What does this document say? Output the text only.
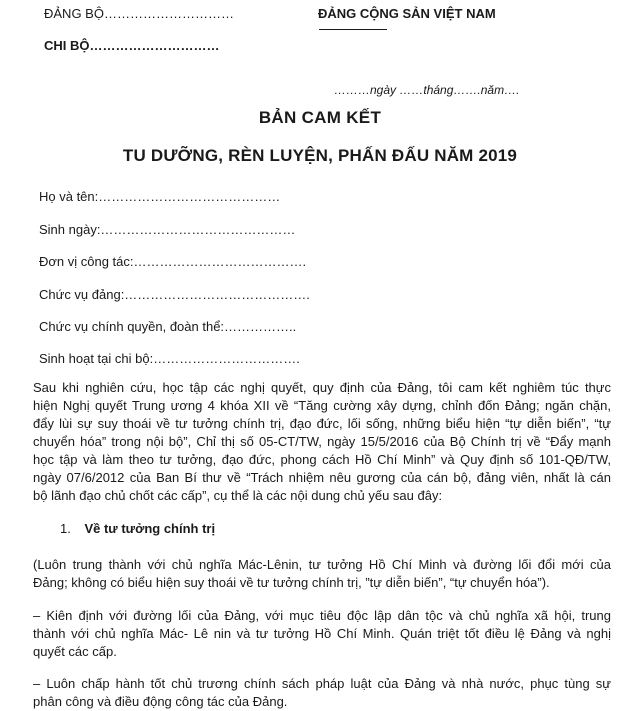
ĐẢNG BỘ…………………………	ĐẢNG CỘNG SẢN VIỆT NAM
CHI BỘ…………………………
………ngày ……tháng…….năm….
BẢN CAM KẾT
TU DƯỠNG, RÈN LUYỆN, PHẤN ĐẤU NĂM 2019
Họ và tên:……………………………………
Sinh ngày:………………………………………
Đơn vị công tác:………………………………….
Chức vụ đảng:…………………………………….
Chức vụ chính quyền, đoàn thể:……………..
Sinh hoạt tại chi bộ:…………………………….
Sau khi nghiên cứu, học tập các nghị quyết, quy định của Đảng, tôi cam kết nghiêm túc thực
hiện Nghị quyết Trung ương 4 khóa XII về “Tăng cường xây dựng, chỉnh đốn Đảng; ngăn chặn,
đẩy lùi sự suy thoái về tư tưởng chính trị, đạo đức, lối sống, những biểu hiện “tự diễn biến”, “tự
chuyển hóa” trong nội bộ”, Chỉ thị số 05-CT/TW, ngày 15/5/2016 của Bộ Chính trị về “Đẩy mạnh
học tập và làm theo tư tưởng, đạo đức, phong cách Hồ Chí Minh” và Quy định số 101-QĐ/TW,
ngày 07/6/2012 của Ban Bí thư về “Trách nhiệm nêu gương của cán bộ, đảng viên, nhất là cán
bộ lãnh đạo chủ chốt các cấp”, cụ thể là các nội dung chủ yếu sau đây:
1. Về tư tưởng chính trị
(Luôn trung thành với chủ nghĩa Mác-Lênin, tư tưởng Hồ Chí Minh và đường lối đổi mới của
Đảng; không có biểu hiện suy thoái về tư tưởng chính trị, ”tự diễn biến”, “tự chuyển hóa”).
– Kiên định với đường lối của Đảng, với mục tiêu độc lập dân tộc và chủ nghĩa xã hội, trung
thành với chủ nghĩa Mác- Lê nin và tư tưởng Hồ Chí Minh. Quán triệt tốt điều lệ Đảng và nghị
quyết các cấp.
– Luôn chấp hành tốt chủ trương chính sách pháp luật của Đảng và nhà nước, phục tùng sự
phân công và điều động công tác của Đảng.
